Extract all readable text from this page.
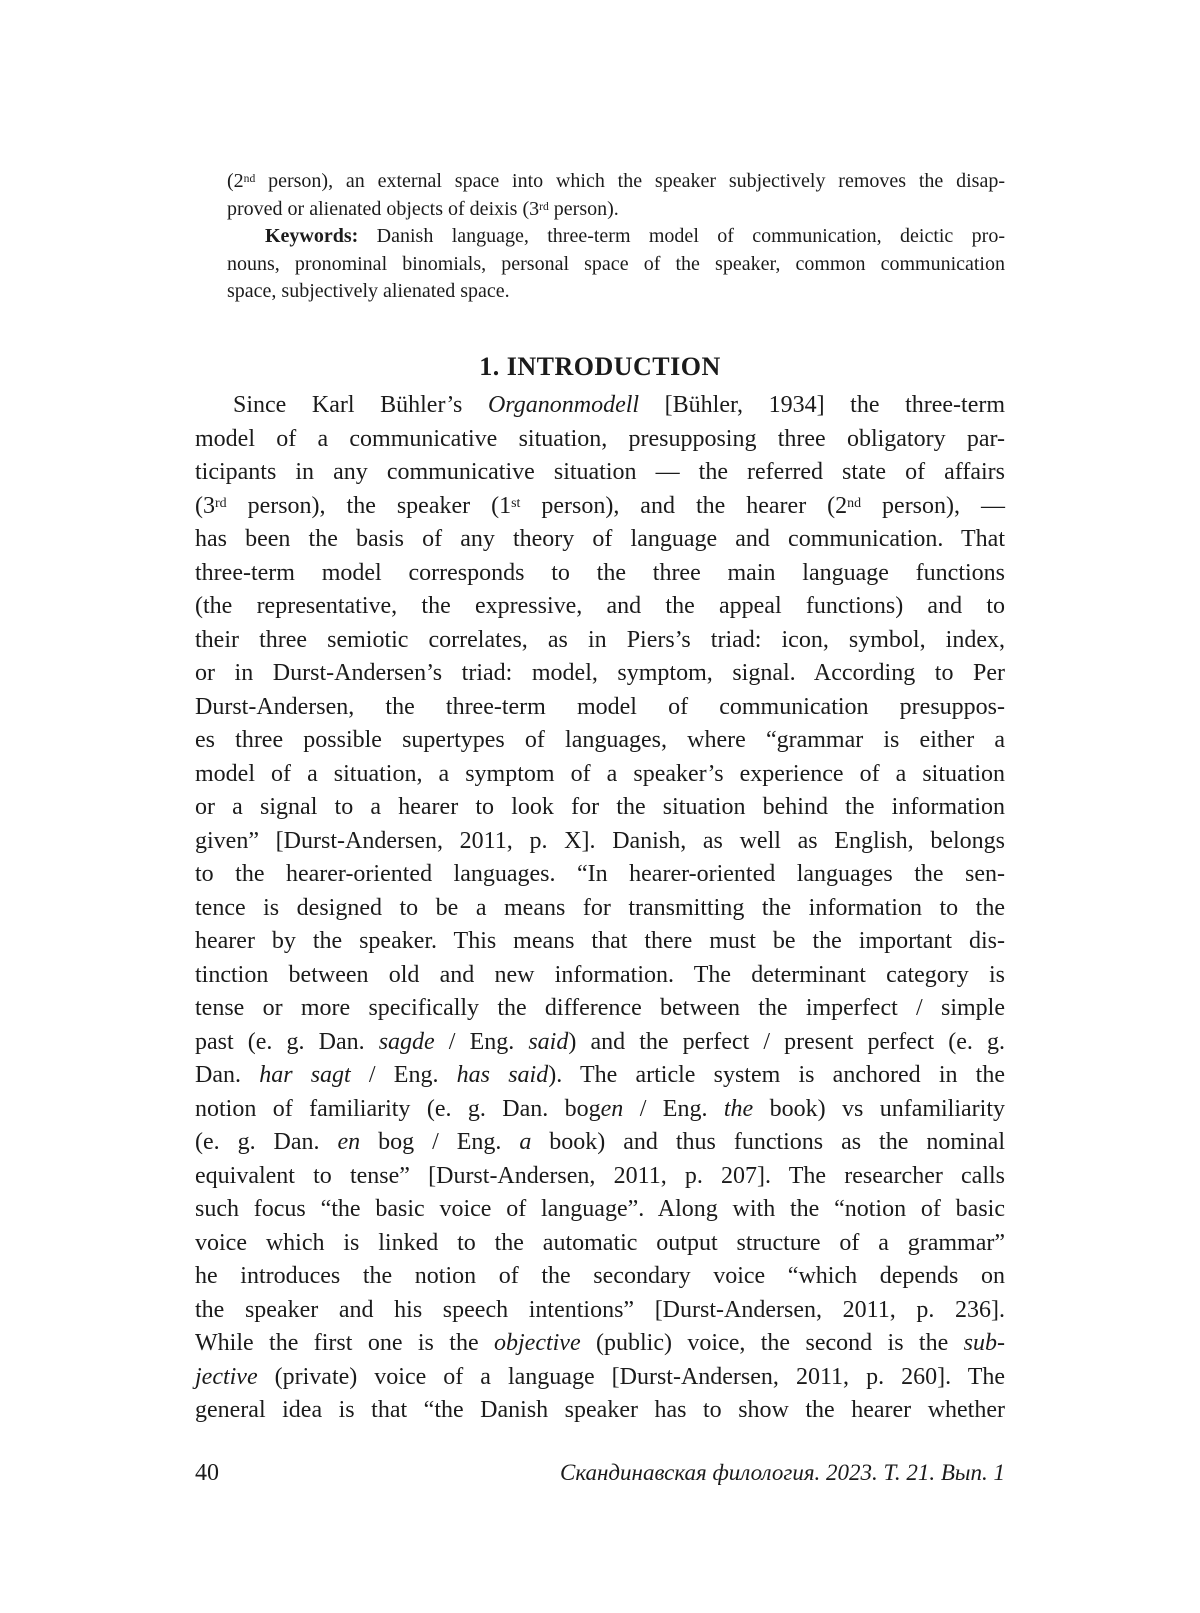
(2nd person), an external space into which the speaker subjectively removes the disap-
proved or alienated objects of deixis (3rd person).
Keywords: Danish language, three-term model of communication, deictic pro-
nouns, pronominal binomials, personal space of the speaker, common communication
space, subjectively alienated space.
1. INTRODUCTION
Since Karl Bühler’s Organonmodell [Bühler, 1934] the three-term
model of a communicative situation, presupposing three obligatory par-
ticipants in any communicative situation — the referred state of affairs
(3rd person), the speaker (1st person), and the hearer (2nd person), —
has been the basis of any theory of language and communication. That
three-term model corresponds to the three main language functions
(the representative, the expressive, and the appeal functions) and to
their three semiotic correlates, as in Piers’s triad: icon, symbol, index,
or in Durst-Andersen’s triad: model, symptom, signal. According to Per
Durst-Andersen, the three-term model of communication presuppos-
es three possible supertypes of languages, where “grammar is either a
model of a situation, a symptom of a speaker’s experience of a situation
or a signal to a hearer to look for the situation behind the information
given” [Durst-Andersen, 2011, p. X]. Danish, as well as English, belongs
to the hearer-oriented languages. “In hearer-oriented languages the sen-
tence is designed to be a means for transmitting the information to the
hearer by the speaker. This means that there must be the important dis-
tinction between old and new information. The determinant category is
tense or more specifically the difference between the imperfect / simple
past (e. g. Dan. sagde / Eng. said) and the perfect / present perfect (e. g.
Dan. har sagt / Eng. has said). The article system is anchored in the
notion of familiarity (e. g. Dan. bogen / Eng. the book) vs unfamiliarity
(e. g. Dan. en bog / Eng. a book) and thus functions as the nominal
equivalent to tense” [Durst-Andersen, 2011, p. 207]. The researcher calls
such focus “the basic voice of language”. Along with the “notion of basic
voice which is linked to the automatic output structure of a grammar”
he introduces the notion of the secondary voice “which depends on
the speaker and his speech intentions” [Durst-Andersen, 2011, p. 236].
While the first one is the objective (public) voice, the second is the sub-
jective (private) voice of a language [Durst-Andersen, 2011, p. 260]. The
general idea is that “the Danish speaker has to show the hearer whether
40	Скандинавская филология. 2023. Т. 21. Вып. 1
